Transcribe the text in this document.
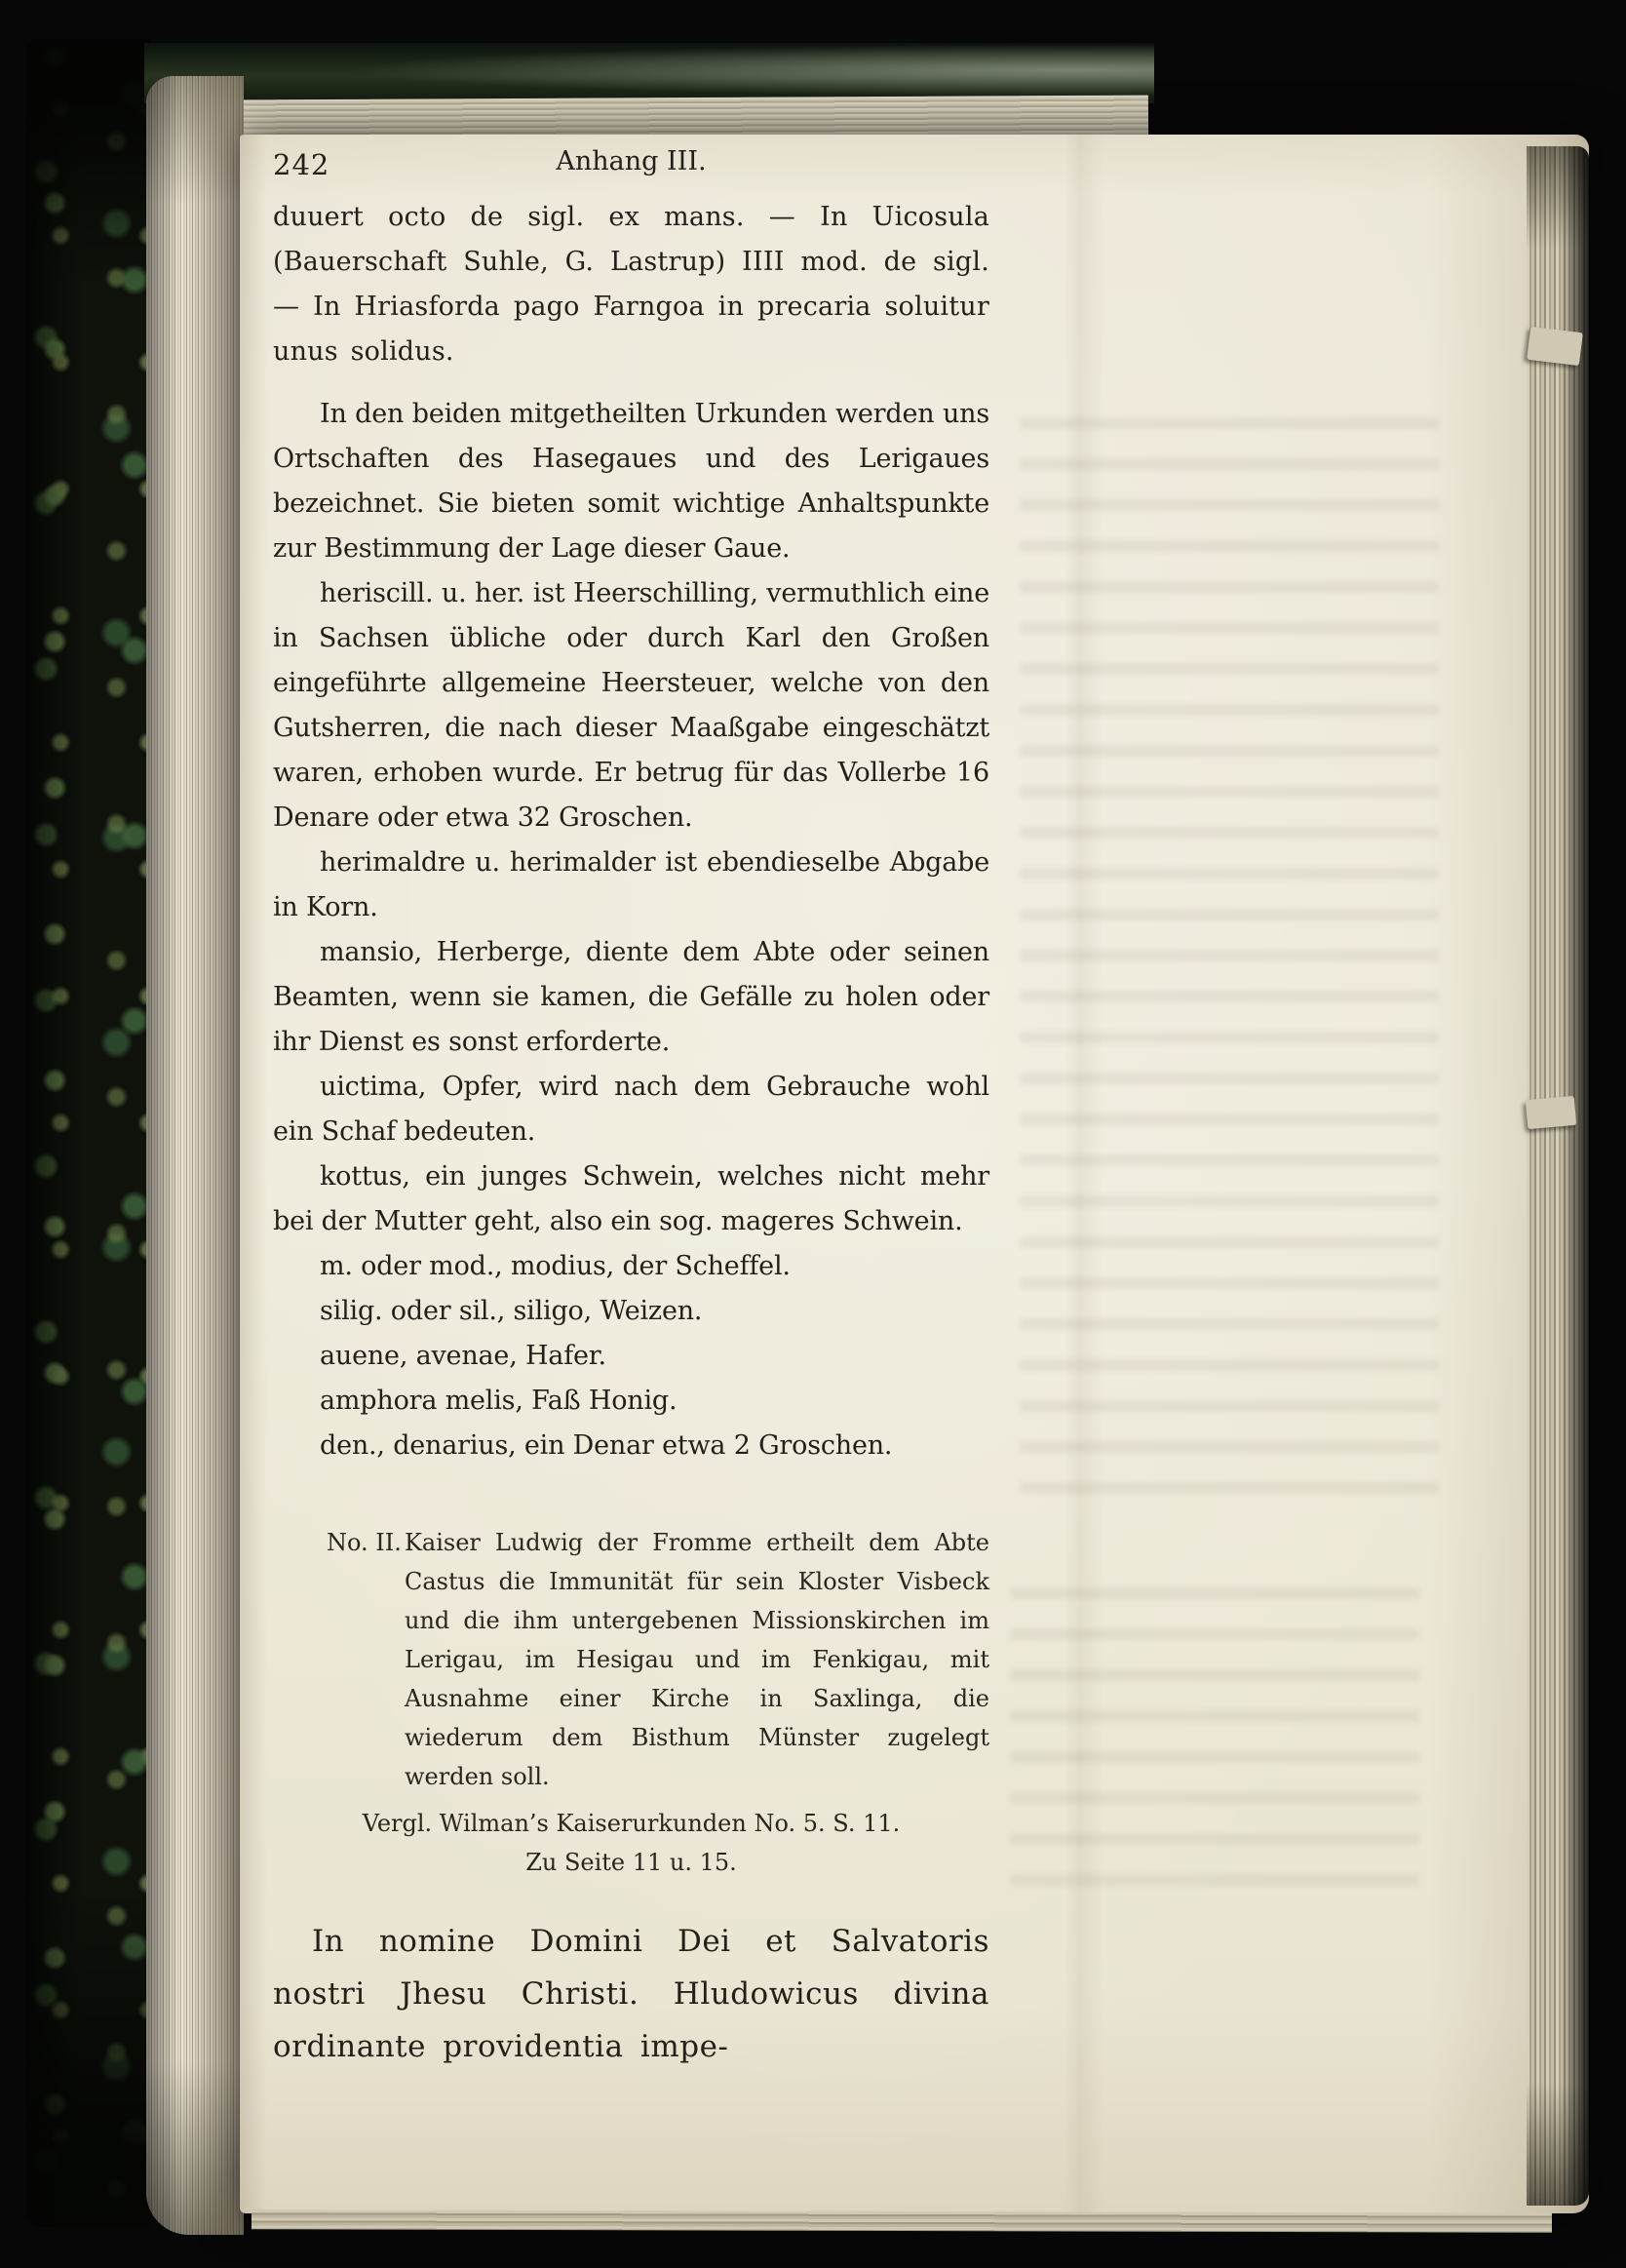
242	Anhang III.

duuert octo de sigl. ex mans. — In Uicosula (Bauerschaft Suhle, G. Lastrup) IIII mod. de sigl. — In Hriasforda pago Farngoa in precaria soluitur unus solidus.

In den beiden mitgetheilten Urkunden werden uns Ortschaften des Hasegaues und des Lerigaues bezeichnet. Sie bieten somit wichtige Anhaltspunkte zur Bestimmung der Lage dieser Gaue.

heriscill. u. her. ist Heerschilling, vermuthlich eine in Sachsen übliche oder durch Karl den Großen eingeführte allgemeine Heersteuer, welche von den Gutsherren, die nach dieser Maaßgabe eingeschätzt waren, erhoben wurde. Er betrug für das Vollerbe 16 Denare oder etwa 32 Groschen.

herimaldre u. herimalder ist ebendieselbe Abgabe in Korn.

mansio, Herberge, diente dem Abte oder seinen Beamten, wenn sie kamen, die Gefälle zu holen oder ihr Dienst es sonst erforderte.

uictima, Opfer, wird nach dem Gebrauche wohl ein Schaf bedeuten.

kottus, ein junges Schwein, welches nicht mehr bei der Mutter geht, also ein sog. mageres Schwein.

m. oder mod., modius, der Scheffel.

silig. oder sil., siligo, Weizen.

auene, avenae, Hafer.

amphora melis, Faß Honig.

den., denarius, ein Denar etwa 2 Groschen.

No. II. Kaiser Ludwig der Fromme ertheilt dem Abte Castus die Immunität für sein Kloster Visbeck und die ihm untergebenen Missionskirchen im Lerigau, im Hesigau und im Fenkigau, mit Ausnahme einer Kirche in Saxlinga, die wiederum dem Bisthum Münster zugelegt werden soll.
Vergl. Wilman’s Kaiserurkunden No. 5. S. 11.
Zu Seite 11 u. 15.

In nomine Domini Dei et Salvatoris nostri Jhesu Christi. Hludowicus divina ordinante providentia impe-
